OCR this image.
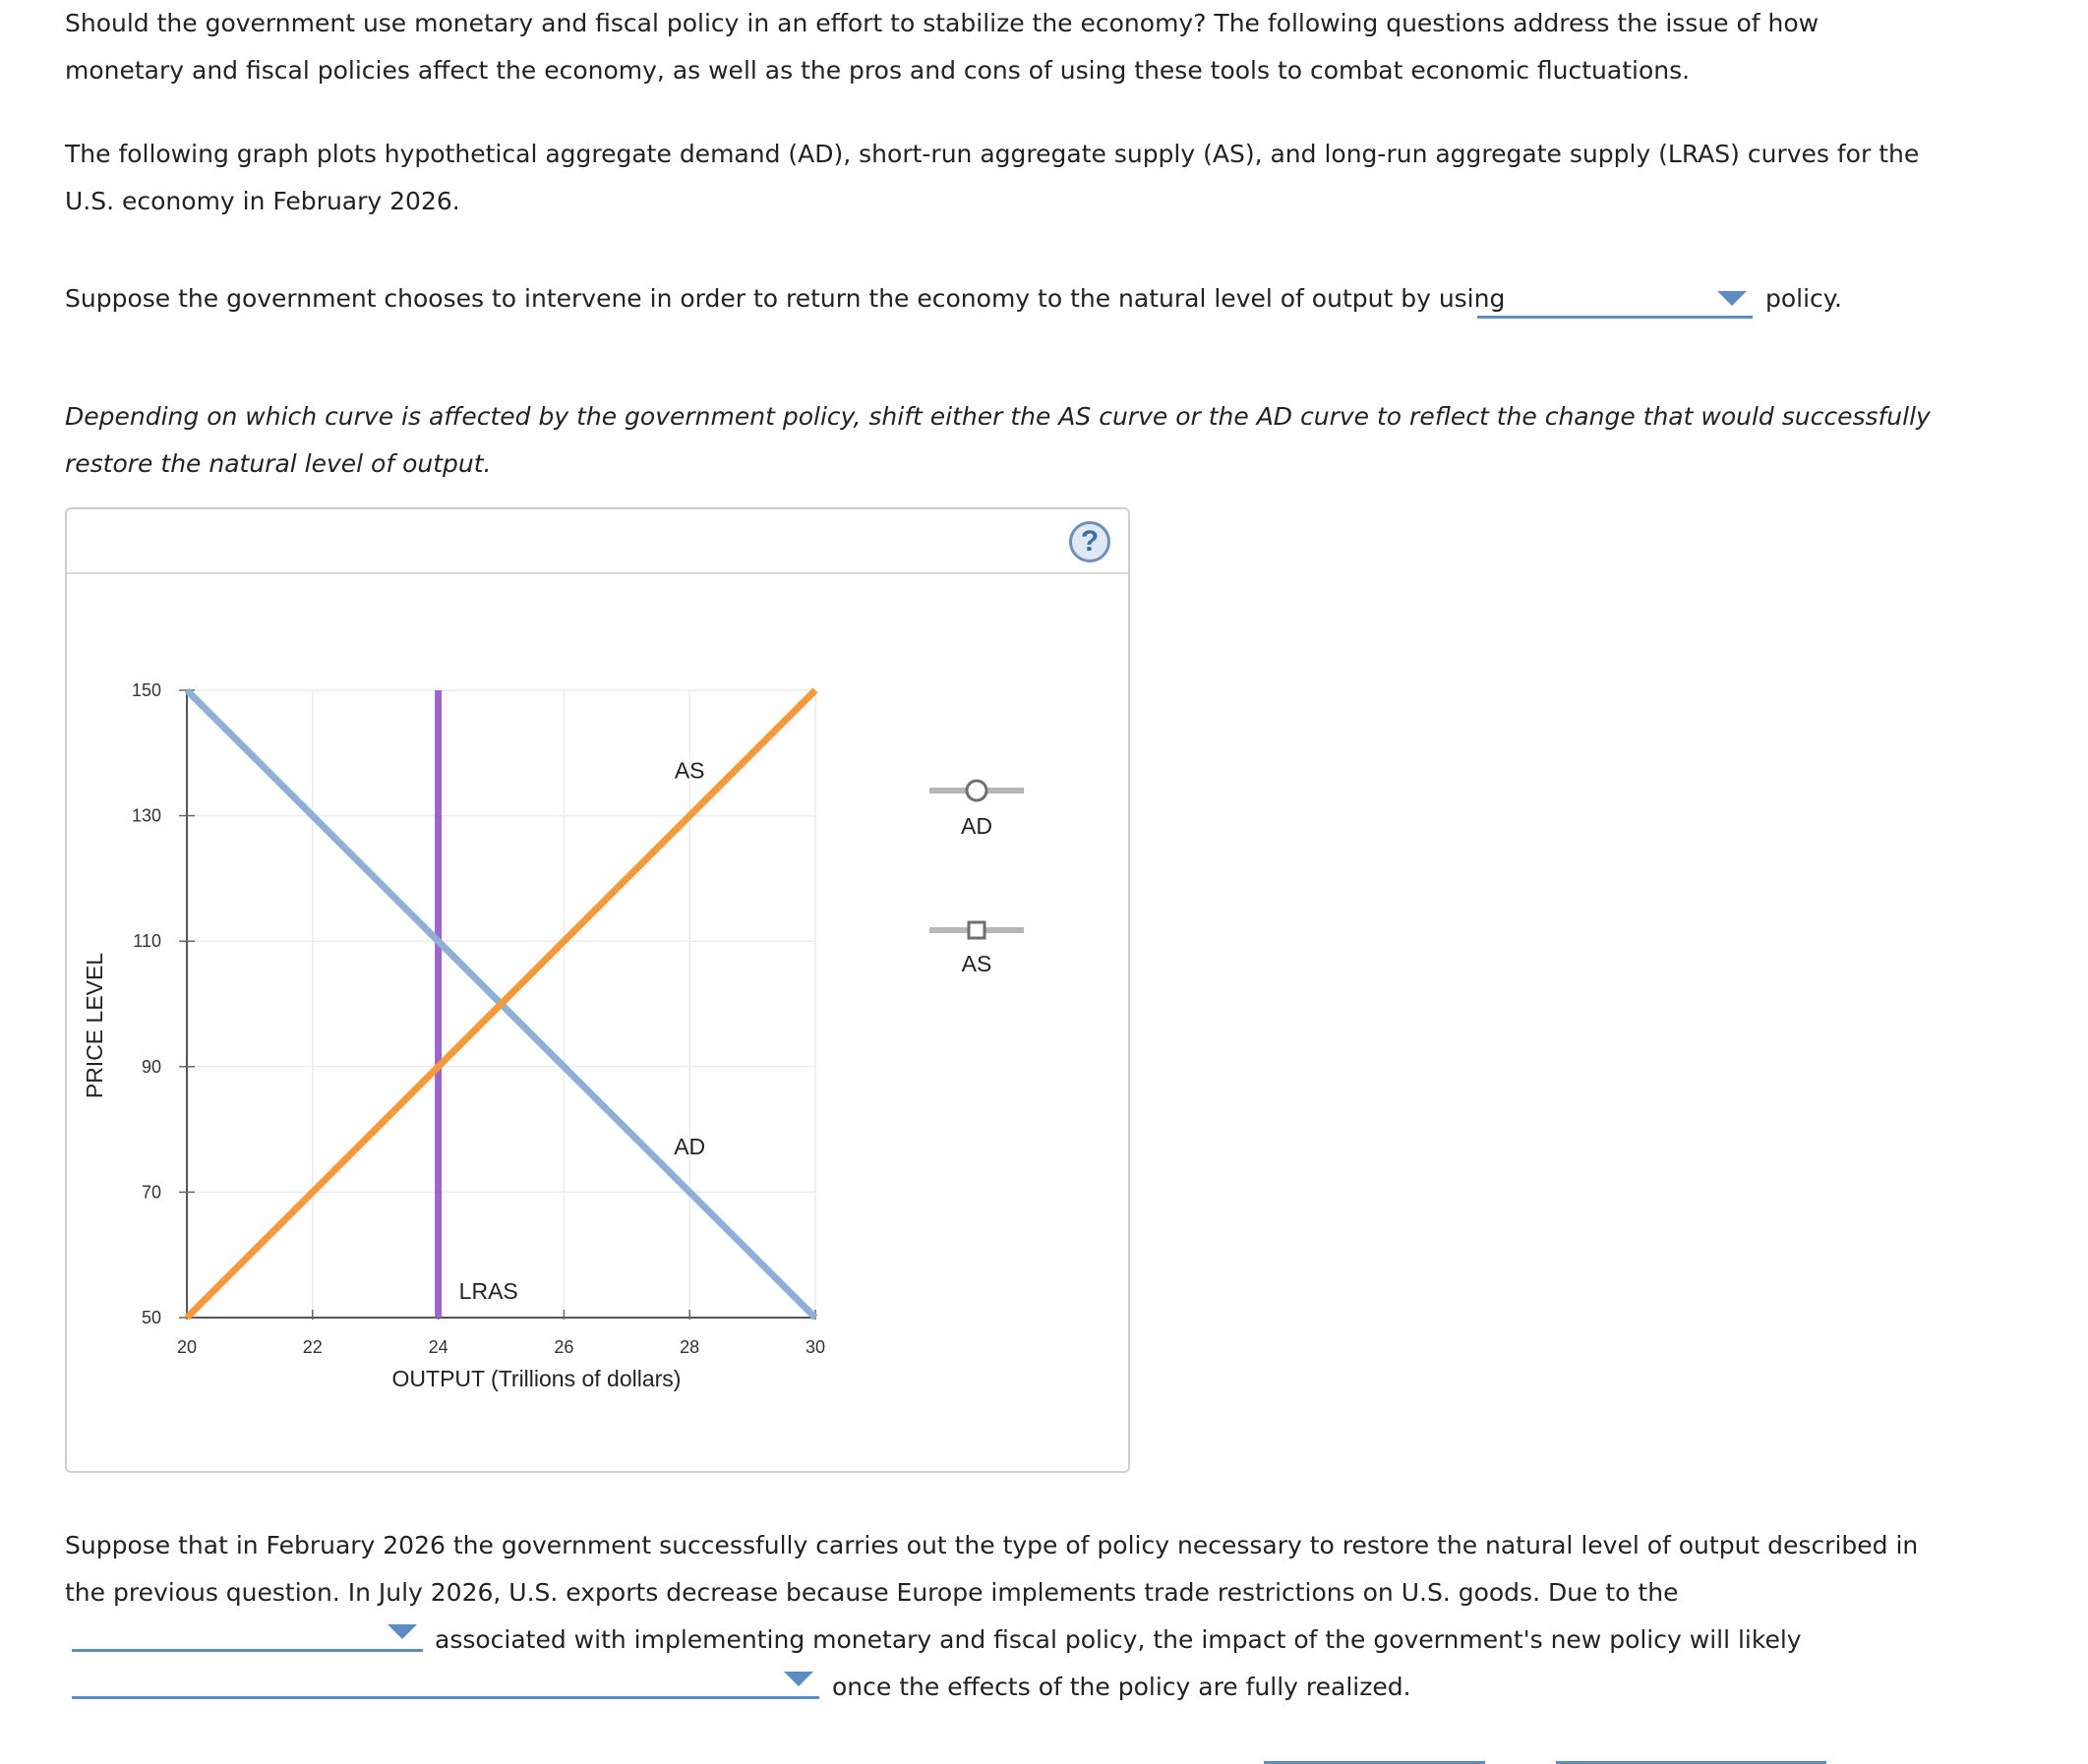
Should the government use monetary and fiscal policy in an effort to stabilize the economy? The following questions address the issue of how
monetary and fiscal policies affect the economy, as well as the pros and cons of using these tools to combat economic fluctuations.

The following graph plots hypothetical aggregate demand (AD), short-run aggregate supply (AS), and long-run aggregate supply (LRAS) curves for the
U.S. economy in February 2026.

Suppose the government chooses to intervene in order to return the economy to the natural level of output by using	policy.

Depending on which curve is affected by the government policy, shift either the AS curve or the AD curve to reflect the change that would successfully
restore the natural level of output.

?
20	22	24	26	28	30
50
70
90
110
130
150
OUTPUT (Trillions of dollars)
PRICE LEVEL
AD
AS
LRAS
AD
AS

Suppose that in February 2026 the government successfully carries out the type of policy necessary to restore the natural level of output described in
the previous question. In July 2026, U.S. exports decrease because Europe implements trade restrictions on U.S. goods. Due to the

associated with implementing monetary and fiscal policy, the impact of the government's new policy will likely
once the effects of the policy are fully realized.
